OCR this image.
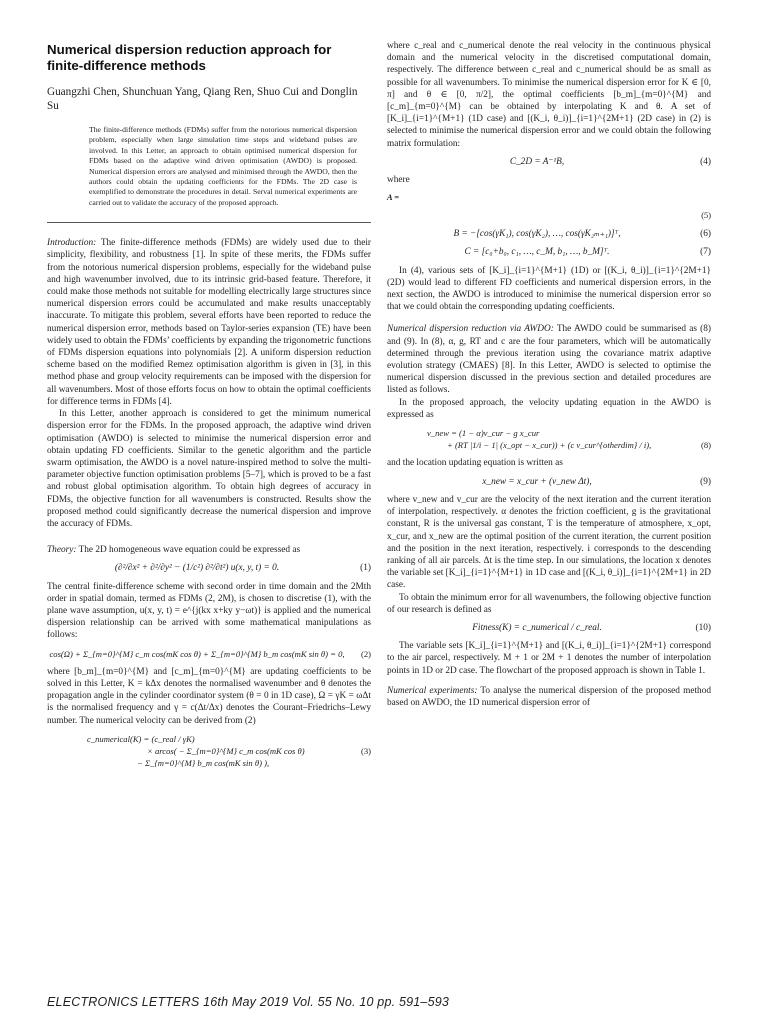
Numerical dispersion reduction approach for finite-difference methods
Guangzhi Chen, Shunchuan Yang, Qiang Ren, Shuo Cui and Donglin Su

The finite-difference methods (FDMs) suffer from the notorious numerical dispersion problem, especially when large simulation time steps and wideband pulses are involved. In this Letter, an approach to obtain optimised numerical dispersion for FDMs based on the adaptive wind driven optimisation (AWDO) is proposed. Numerical dispersion errors are analysed and minimised through the AWDO, then the authors could obtain the updating coefficients for the FDMs. The 2D case is exemplified to demonstrate the procedures in detail. Serval numerical experiments are carried out to validate the accuracy of the proposed approach.

Introduction: The finite-difference methods (FDMs) are widely used due to their simplicity, flexibility, and robustness [1]. In spite of these merits, the FDMs suffer from the notorious numerical dispersion problems, especially for the wideband pulse and high wavenumber involved, due to its intrinsic grid-based feature. Therefore, it could make those methods not suitable for modelling electrically large structures since numerical dispersion errors could be accumulated and make results unacceptably inaccurate. To mitigate this problem, several efforts have been reported to reduce the numerical dispersion error, methods based on Taylor-series expansion (TE) have been widely used to obtain the FDMs’ coefficients by expanding the trigonometric functions of FDMs dispersion equations into polynomials [2]. A uniform dispersion reduction scheme based on the modified Remez optimisation algorithm is given in [3], in this method phase and group velocity requirements can be imposed with the dispersion for all wavenumbers. Most of those efforts focus on how to obtain the optimal coefficients for difference terms in FDMs [4].

In this Letter, another approach is considered to get the minimum numerical dispersion error for the FDMs. In the proposed approach, the adaptive wind driven optimisation (AWDO) is selected to minimise the numerical dispersion error and obtain updating FD coefficients. Similar to the genetic algorithm and the particle swarm optimisation, the AWDO is a novel nature-inspired method to solve the multi-parameter objective function optimisation problems [5–7], which is proved to be a fast and robust global optimisation algorithm. To obtain high degrees of accuracy in FDMs, the objective function for all wavenumbers is constructed. Results show the proposed method could significantly decrease the numerical dispersion and improve the accuracy of FDMs.

Theory: The 2D homogeneous wave equation could be expressed as

(∂²/∂x² + ∂²/∂y² − (1/c²) ∂²/∂t²) u(x, y, t) = 0.	(1)

The central finite-difference scheme with second order in time domain and the 2Mth order in spatial domain, termed as FDMs (2, 2M), is chosen to discretise (1), with the plane wave assumption, u(x, y, t) = e^{j(kx x+ky y−ωt)} is applied and the numerical dispersion relationship can be arrived with some mathematical manipulations as follows:

cos(Ω) + Σ_{m=0}^{M} c_m cos(mK cos θ) + Σ_{m=0}^{M} b_m cos(mK sin θ) = 0,	(2)

where [b_m]_{m=0}^{M} and [c_m]_{m=0}^{M} are updating coefficients to be solved in this Letter, K = kΔx denotes the normalised wavenumber and θ denotes the propagation angle in the cylinder coordinator system (θ = 0 in 1D case), Ω = γK = ωΔt is the normalised frequency and γ = c(Δt/Δx) denotes the Courant–Friedrichs–Lewy number. The numerical velocity can be derived from (2)

c_numerical(K) = (c_real / γK)
× arcos( − Σ_{m=0}^{M} c_m cos(mK cos θ)	(3)
− Σ_{m=0}^{M} b_m cos(mK sin θ) ),

where c_real and c_numerical denote the real velocity in the continuous physical domain and the numerical velocity in the discretised computational domain, respectively. The difference between c_real and c_numerical should be as small as possible for all wavenumbers. To minimise the numerical dispersion error for K ∈ [0, π] and θ ∈ [0, π/2], the optimal coefficients [b_m]_{m=0}^{M} and [c_m]_{m=0}^{M} can be obtained by interpolating K and θ. A set of [K_i]_{i=1}^{M+1} (1D case) and [(K_i, θ_i)]_{i=1}^{2M+1} (2D case) in (2) is selected to minimise the numerical dispersion error and we could obtain the following matrix formulation:

C_2D = A⁻¹B,	(4)

where

A =

(5)
B = −[cos(γK₁), cos(γK₂), …, cos(γK₂ₘ₊₁)]ᵀ,	(6)
C = [c₀+b₀, c₁, …, c_M, b₁, …, b_M]ᵀ.	(7)

In (4), various sets of [K_i]_{i=1}^{M+1} (1D) or [(K_i, θ_i)]_{i=1}^{2M+1} (2D) would lead to different FD coefficients and numerical dispersion errors, in the next section, the AWDO is introduced to minimise the numerical dispersion error so that we could obtain the corresponding updating coefficients.

Numerical dispersion reduction via AWDO: The AWDO could be summarised as (8) and (9). In (8), α, g, RT and c are the four parameters, which will be automatically determined through the previous iteration using the covariance matrix adaptive evolution strategy (CMAES) [8]. In this Letter, AWDO is selected to optimise the numerical dispersion discussed in the previous section and detailed procedures are listed as follows.

In the proposed approach, the velocity updating equation in the AWDO is expressed as

v_new = (1 − α)v_cur − g x_cur
+ (RT |1/i − 1| (x_opt − x_cur)) + (c v_cur^{otherdim} / i),	(8)

and the location updating equation is written as

x_new = x_cur + (v_new Δt),	(9)

where v_new and v_cur are the velocity of the next iteration and the current iteration of interpolation, respectively. α denotes the friction coefficient, g is the gravitational constant, R is the universal gas constant, T is the temperature of atmosphere, x_opt, x_cur, and x_new are the optimal position of the current iteration, the current position and the position in the next iteration, respectively. i corresponds to the descending ranking of all air parcels. Δt is the time step. In our simulations, the location x denotes the variable set [K_i]_{i=1}^{M+1} in 1D case and [(K_i, θ_i)]_{i=1}^{2M+1} in 2D case.

To obtain the minimum error for all wavenumbers, the following objective function of our research is defined as

Fitness(K) = c_numerical / c_real.	(10)

The variable sets [K_i]_{i=1}^{M+1} and [(K_i, θ_i)]_{i=1}^{2M+1} correspond to the air parcel, respectively. M + 1 or 2M + 1 denotes the number of interpolation points in 1D or 2D case. The flowchart of the proposed approach is shown in Table 1.

Numerical experiments: To analyse the numerical dispersion of the proposed method based on AWDO, the 1D numerical dispersion error of

ELECTRONICS LETTERS 16th May 2019 Vol. 55 No. 10 pp. 591–593
